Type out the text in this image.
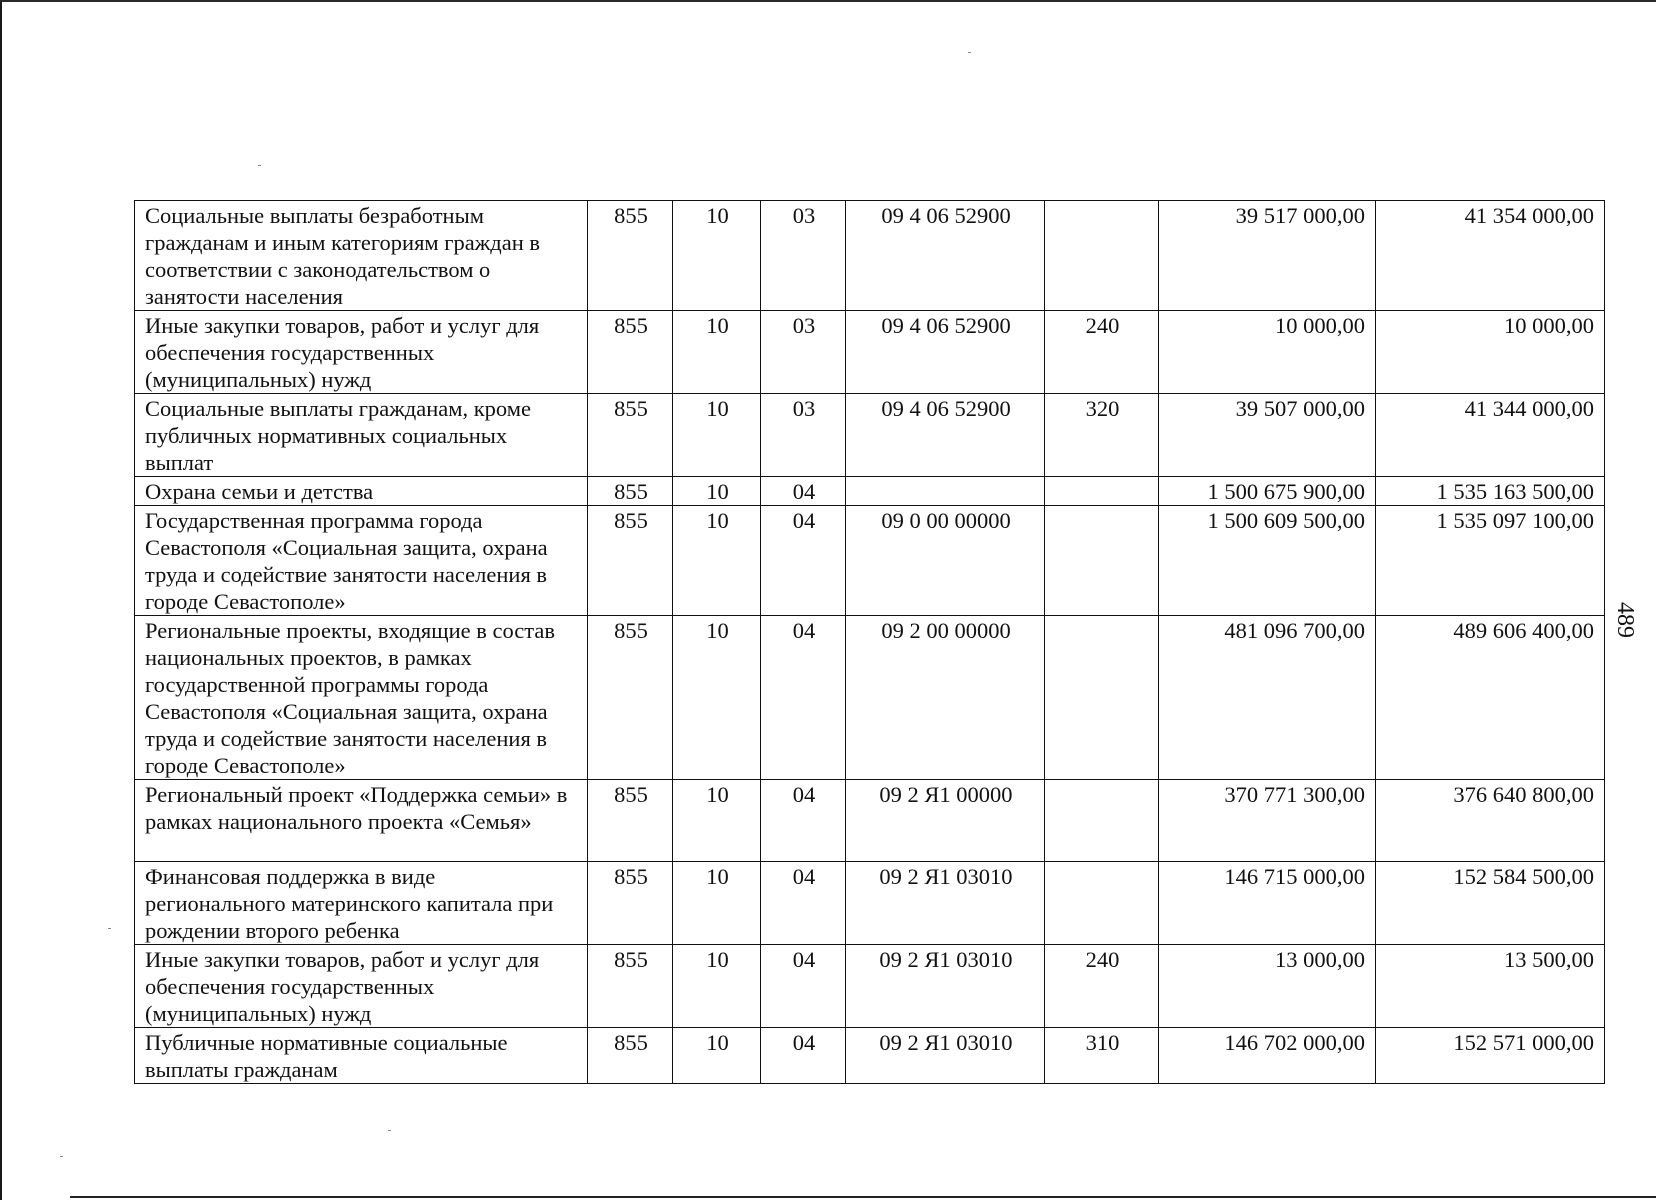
Социальные выплаты безработным гражданам и иным категориям граждан в соответствии с законодательством о занятости населения	855	10	03	09 4 06 52900		39 517 000,00	41 354 000,00
Иные закупки товаров, работ и услуг для обеспечения государственных (муниципальных) нужд	855	10	03	09 4 06 52900	240	10 000,00	10 000,00
Социальные выплаты гражданам, кроме публичных нормативных социальных выплат	855	10	03	09 4 06 52900	320	39 507 000,00	41 344 000,00
Охрана семьи и детства	855	10	04			1 500 675 900,00	1 535 163 500,00
Государственная программа города Севастополя «Социальная защита, охрана труда и содействие занятости населения в городе Севастополе»	855	10	04	09 0 00 00000		1 500 609 500,00	1 535 097 100,00
Региональные проекты, входящие в состав национальных проектов, в рамках государственной программы города Севастополя «Социальная защита, охрана труда и содействие занятости населения в городе Севастополе»	855	10	04	09 2 00 00000		481 096 700,00	489 606 400,00
Региональный проект «Поддержка семьи» в рамках национального проекта «Семья»	855	10	04	09 2 Я1 00000		370 771 300,00	376 640 800,00
Финансовая поддержка в виде регионального материнского капитала при рождении второго ребенка	855	10	04	09 2 Я1 03010		146 715 000,00	152 584 500,00
Иные закупки товаров, работ и услуг для обеспечения государственных (муниципальных) нужд	855	10	04	09 2 Я1 03010	240	13 000,00	13 500,00
Публичные нормативные социальные выплаты гражданам	855	10	04	09 2 Я1 03010	310	146 702 000,00	152 571 000,00
489
